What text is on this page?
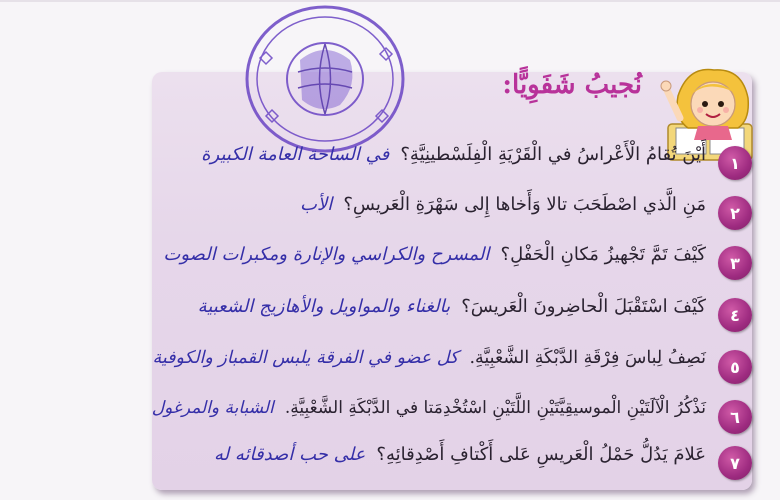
نُجيبُ شَفَوِيًّا:
١
أَيْنَ تُقامُ الْأَعْراسُ في الْقَرْيَةِ الْفِلَسْطينِيَّةِ؟ في الساحة العامة الكبيرة
٢
مَنِ الَّذي اصْطَحَبَ تالا وَأَخاها إِلى سَهْرَةِ الْعَريسِ؟ الأب
٣
كَيْفَ تَمَّ تَجْهيزُ مَكانِ الْحَفْلِ؟ المسرح والكراسي والإنارة ومكبرات الصوت
٤
كَيْفَ اسْتَقْبَلَ الْحاضِرونَ الْعَريسَ؟ بالغناء والمواويل والأهازيج الشعبية
٥
نَصِفُ لِباسَ فِرْقَةِ الدَّبْكَةِ الشَّعْبِيَّةِ. كل عضو في الفرقة يلبس القمباز والكوفية
٦
نَذْكُرُ الْآلَتَيْنِ الْموسيقِيَّتَيْنِ اللَّتَيْنِ اسْتُخْدِمَتا في الدَّبْكَةِ الشَّعْبِيَّةِ. الشبابة والمرغول
٧
عَلامَ يَدُلُّ حَمْلُ الْعَريسِ عَلى أَكْتافِ أَصْدِقائِهِ؟ على حب أصدقائه له
